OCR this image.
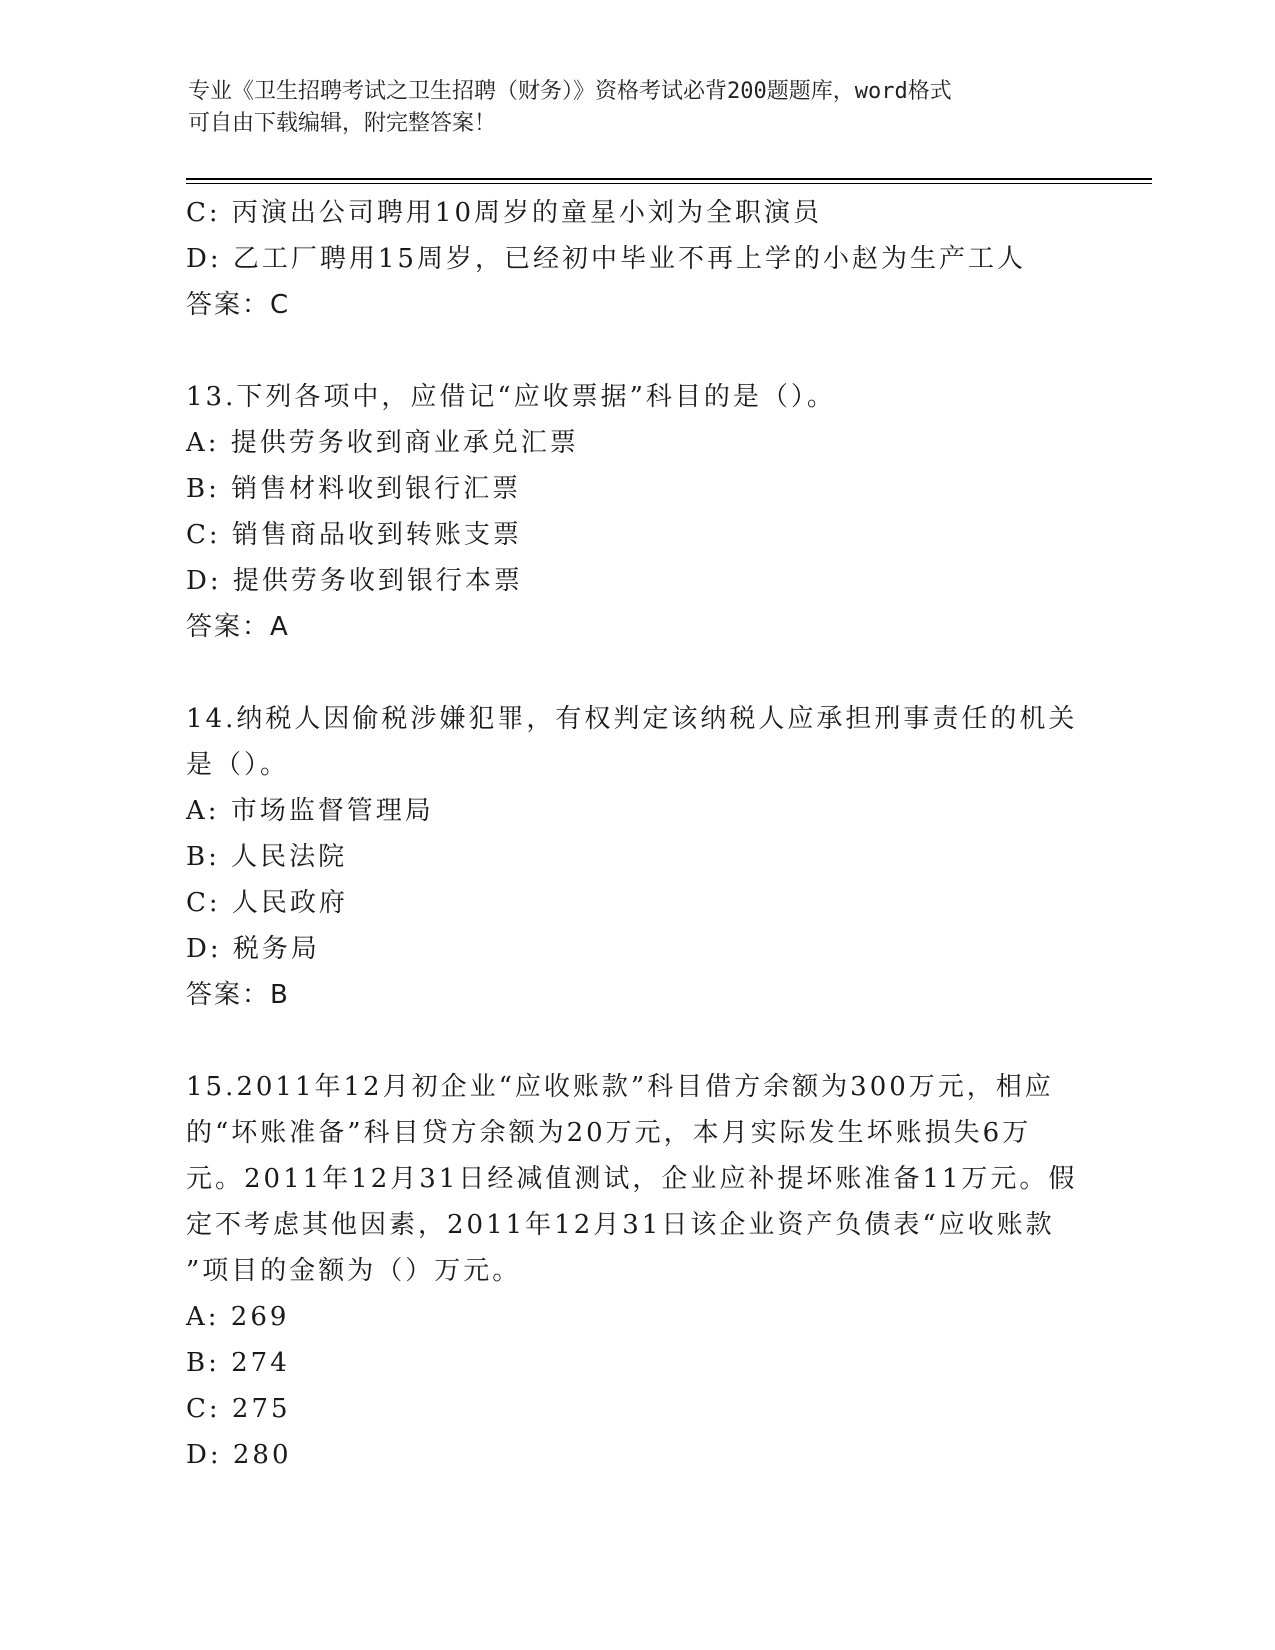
专业《卫生招聘考试之卫生招聘（财务）》资格考试必背200题题库，word格式
可自由下载编辑，附完整答案！

C: 丙演出公司聘用10周岁的童星小刘为全职演员

D: 乙工厂聘用15周岁，已经初中毕业不再上学的小赵为生产工人

答案：C

13.下列各项中，应借记“应收票据”科目的是（）。

A: 提供劳务收到商业承兑汇票

B: 销售材料收到银行汇票

C: 销售商品收到转账支票

D: 提供劳务收到银行本票

答案：A

14.纳税人因偷税涉嫌犯罪，有权判定该纳税人应承担刑事责任的机关

是（）。

A: 市场监督管理局

B: 人民法院

C: 人民政府

D: 税务局

答案：B

15.2011年12月初企业“应收账款”科目借方余额为300万元，相应

的“坏账准备”科目贷方余额为20万元，本月实际发生坏账损失6万

元。2011年12月31日经减值测试，企业应补提坏账准备11万元。假

定不考虑其他因素，2011年12月31日该企业资产负债表“应收账款

”项目的金额为（）万元。

A: 269

B: 274

C: 275

D: 280
